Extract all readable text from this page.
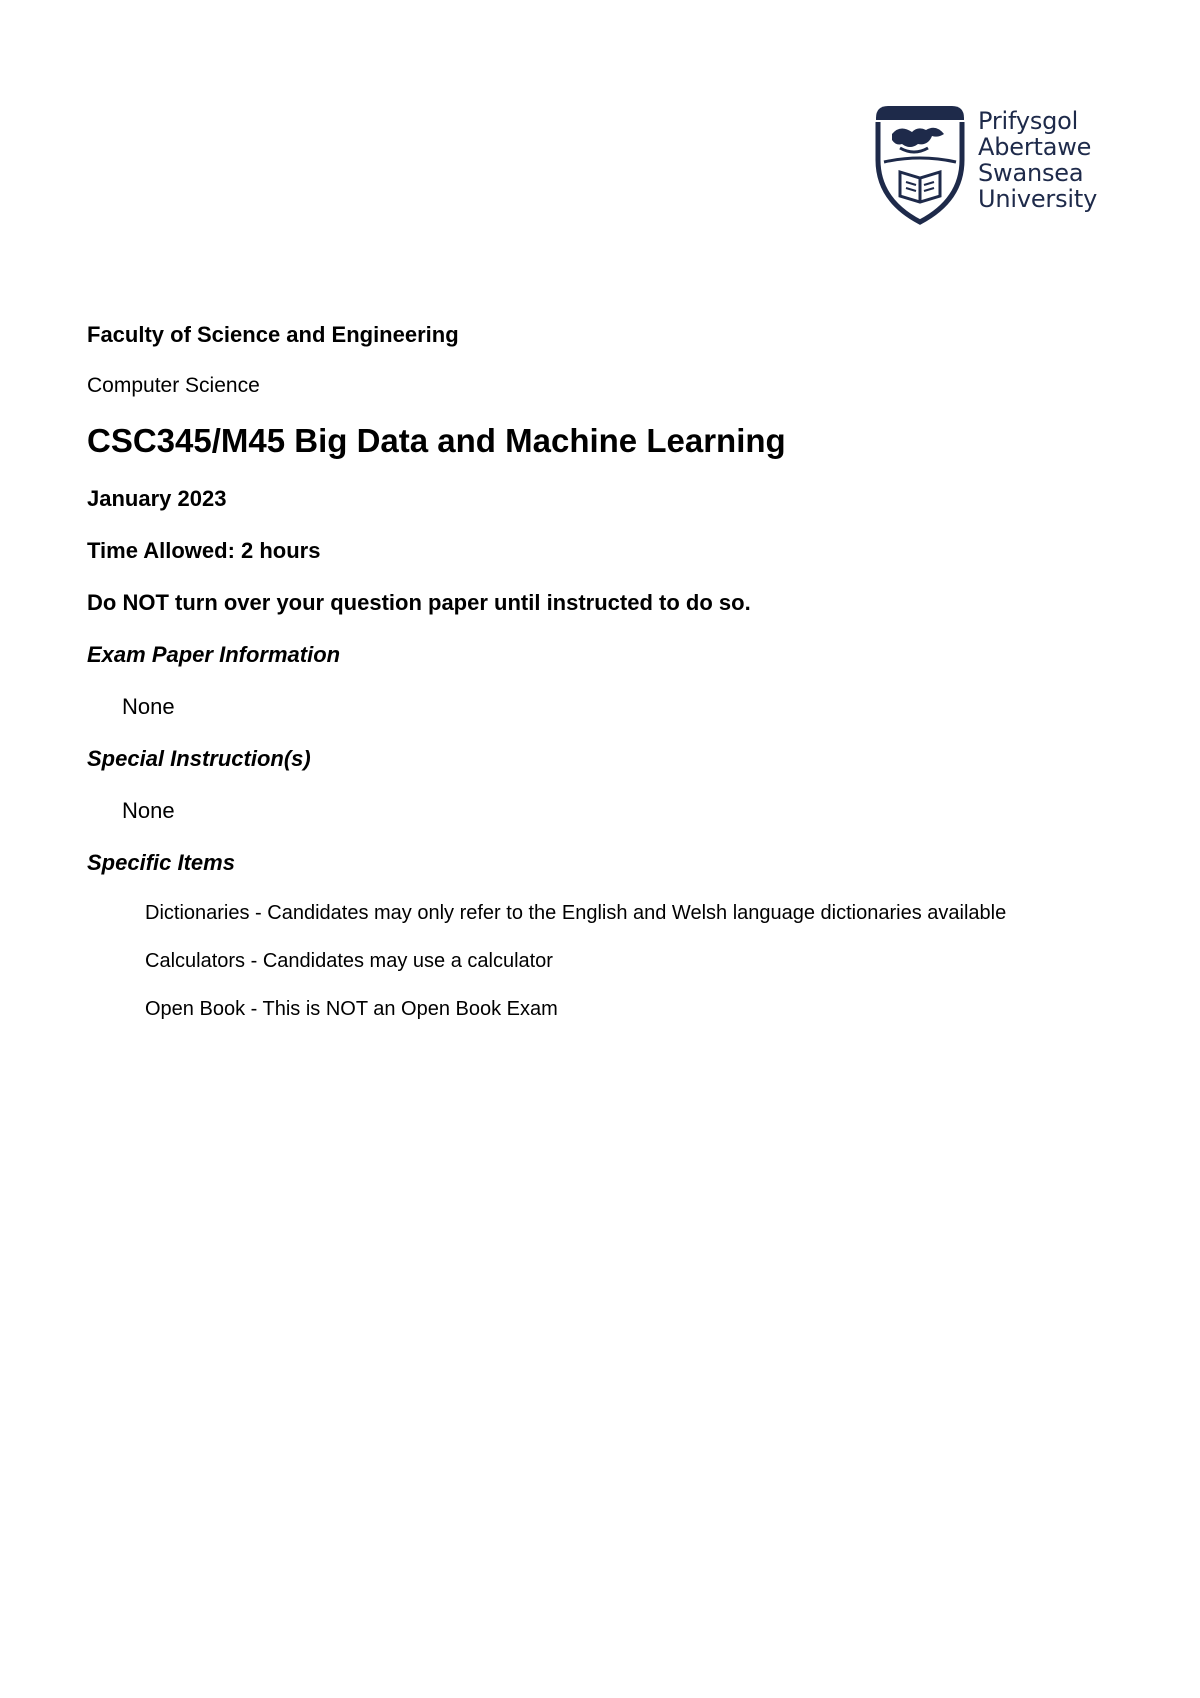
Prifysgol
Abertawe
Swansea
University
Faculty of Science and Engineering
Computer Science
CSC345/M45 Big Data and Machine Learning
January 2023
Time Allowed: 2 hours
Do NOT turn over your question paper until instructed to do so.
Exam Paper Information
None
Special Instruction(s)
None
Specific Items
Dictionaries - Candidates may only refer to the English and Welsh language dictionaries available
Calculators - Candidates may use a calculator
Open Book - This is NOT an Open Book Exam
